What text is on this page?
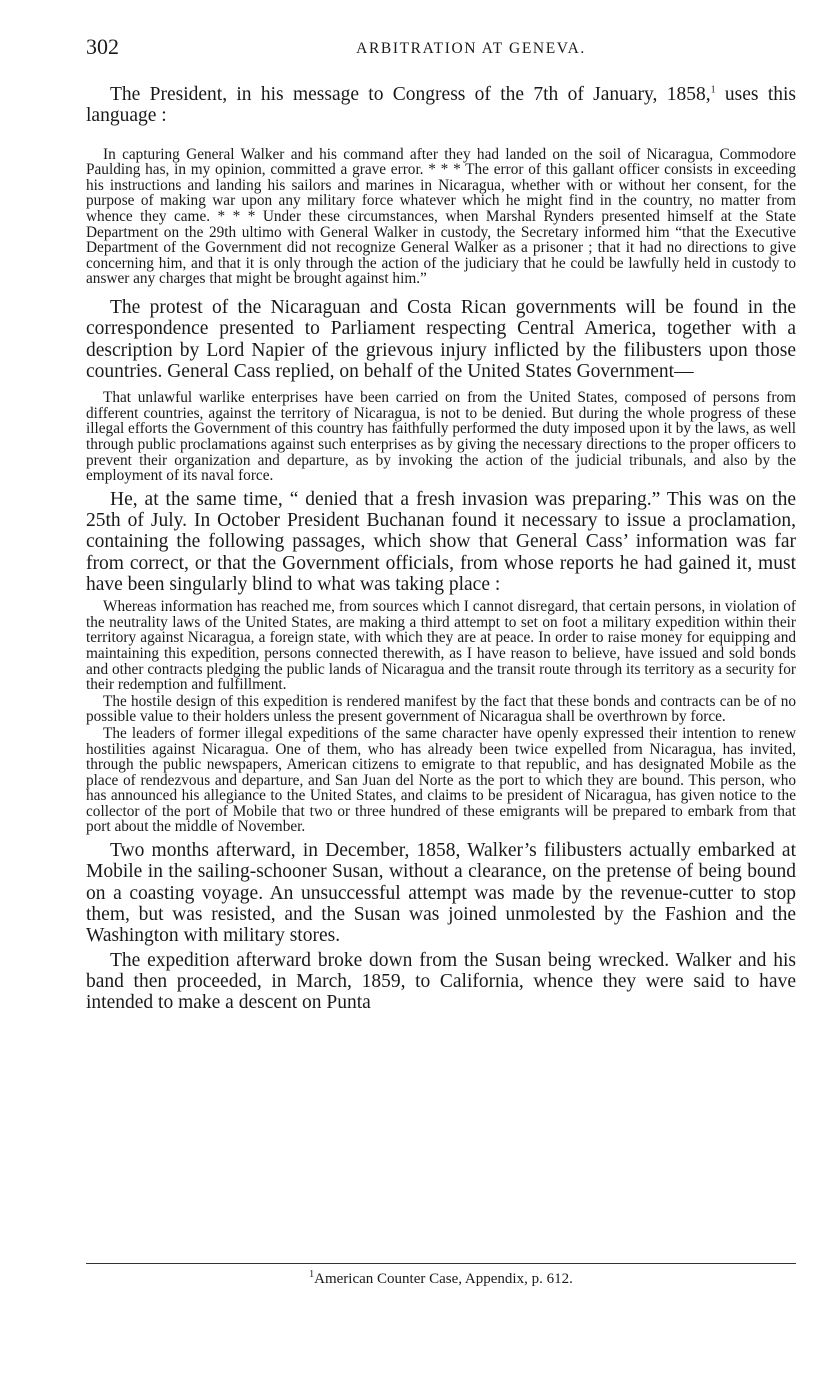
302	ARBITRATION AT GENEVA.

The President, in his message to Congress of the 7th of January, 1858,$^1$ uses this language :

In capturing General Walker and his command after they had landed on the soil of Nicaragua, Commodore Paulding has, in my opinion, committed a grave error. * * * The error of this gallant officer consists in exceeding his instructions and landing his sailors and marines in Nicaragua, whether with or without her consent, for the purpose of making war upon any military force whatever which he might find in the country, no matter from whence they came. * * * Under these circumstances, when Marshal Rynders presented himself at the State Department on the 29th ultimo with General Walker in custody, the Secretary informed him “that the Executive Department of the Government did not recognize General Walker as a prisoner ; that it had no directions to give concerning him, and that it is only through the action of the judiciary that he could be lawfully held in custody to answer any charges that might be brought against him.”

The protest of the Nicaraguan and Costa Rican governments will be found in the correspondence presented to Parliament respecting Central America, together with a description by Lord Napier of the grievous injury inflicted by the filibusters upon those countries. General Cass replied, on behalf of the United States Government—

That unlawful warlike enterprises have been carried on from the United States, composed of persons from different countries, against the territory of Nicaragua, is not to be denied. But during the whole progress of these illegal efforts the Government of this country has faithfully performed the duty imposed upon it by the laws, as well through public proclamations against such enterprises as by giving the necessary directions to the proper officers to prevent their organization and departure, as by invoking the action of the judicial tribunals, and also by the employment of its naval force.

He, at the same time, “ denied that a fresh invasion was preparing.” This was on the 25th of July. In October President Buchanan found it necessary to issue a proclamation, containing the following passages, which show that General Cass’ information was far from correct, or that the Government officials, from whose reports he had gained it, must have been singularly blind to what was taking place :

Whereas information has reached me, from sources which I cannot disregard, that certain persons, in violation of the neutrality laws of the United States, are making a third attempt to set on foot a military expedition within their territory against Nicaragua, a foreign state, with which they are at peace. In order to raise money for equipping and maintaining this expedition, persons connected therewith, as I have reason to believe, have issued and sold bonds and other contracts pledging the public lands of Nicaragua and the transit route through its territory as a security for their redemption and fulfillment.

The hostile design of this expedition is rendered manifest by the fact that these bonds and contracts can be of no possible value to their holders unless the present government of Nicaragua shall be overthrown by force.

The leaders of former illegal expeditions of the same character have openly expressed their intention to renew hostilities against Nicaragua. One of them, who has already been twice expelled from Nicaragua, has invited, through the public newspapers, American citizens to emigrate to that republic, and has designated Mobile as the place of rendezvous and departure, and San Juan del Norte as the port to which they are bound. This person, who has announced his allegiance to the United States, and claims to be president of Nicaragua, has given notice to the collector of the port of Mobile that two or three hundred of these emigrants will be prepared to embark from that port about the middle of November.

Two months afterward, in December, 1858, Walker’s filibusters actually embarked at Mobile in the sailing-schooner Susan, without a clearance, on the pretense of being bound on a coasting voyage. An unsuccessful attempt was made by the revenue-cutter to stop them, but was resisted, and the Susan was joined unmolested by the Fashion and the Washington with military stores.

The expedition afterward broke down from the Susan being wrecked. Walker and his band then proceeded, in March, 1859, to California, whence they were said to have intended to make a descent on Punta

$^1$American Counter Case, Appendix, p. 612.
